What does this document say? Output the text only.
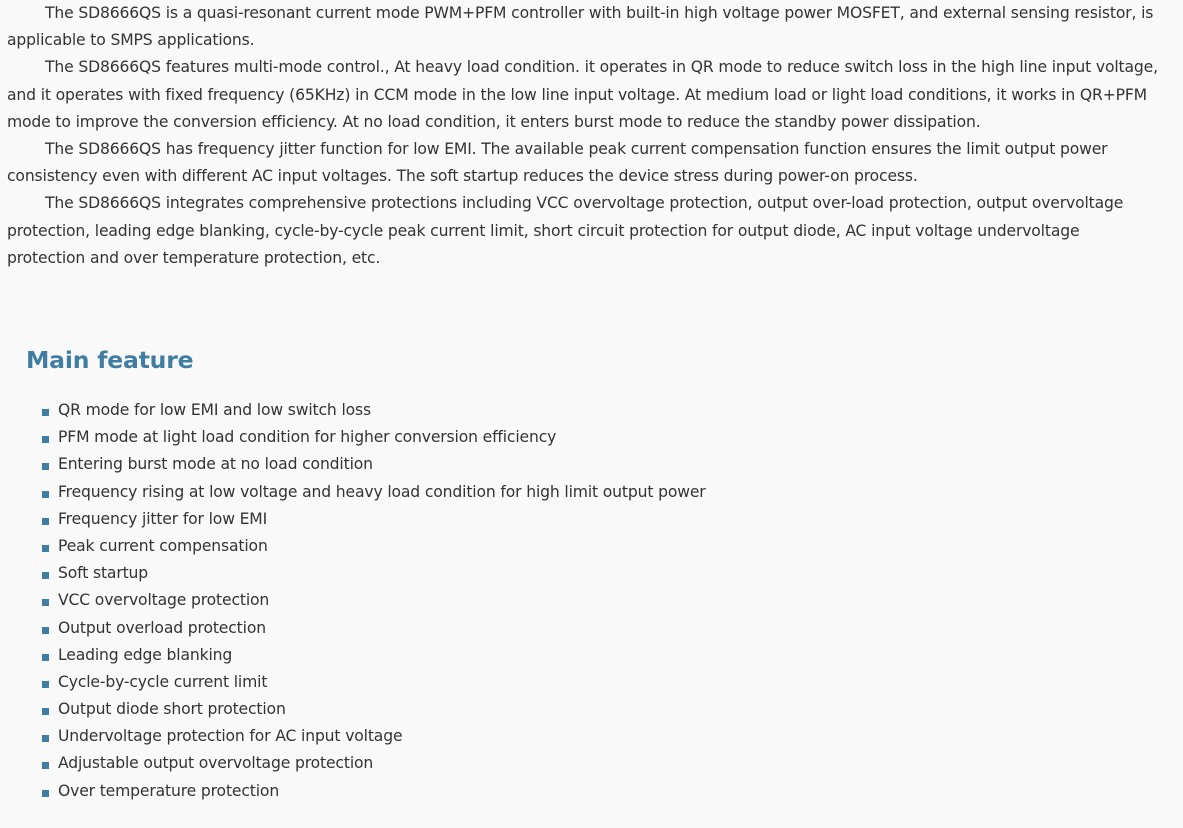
The SD8666QS is a quasi-resonant current mode PWM+PFM controller with built-in high voltage power MOSFET, and external sensing resistor, is
applicable to SMPS applications.

The SD8666QS features multi-mode control., At heavy load condition. it operates in QR mode to reduce switch loss in the high line input voltage,
and it operates with fixed frequency (65KHz) in CCM mode in the low line input voltage. At medium load or light load conditions, it works in QR+PFM
mode to improve the conversion efficiency. At no load condition, it enters burst mode to reduce the standby power dissipation.

The SD8666QS has frequency jitter function for low EMI. The available peak current compensation function ensures the limit output power
consistency even with different AC input voltages. The soft startup reduces the device stress during power-on process.

The SD8666QS integrates comprehensive protections including VCC overvoltage protection, output over-load protection, output overvoltage
protection, leading edge blanking, cycle-by-cycle peak current limit, short circuit protection for output diode, AC input voltage undervoltage
protection and over temperature protection, etc.

Main feature
QR mode for low EMI and low switch loss
PFM mode at light load condition for higher conversion efficiency
Entering burst mode at no load condition
Frequency rising at low voltage and heavy load condition for high limit output power
Frequency jitter for low EMI
Peak current compensation
Soft startup
VCC overvoltage protection
Output overload protection
Leading edge blanking
Cycle-by-cycle current limit
Output diode short protection
Undervoltage protection for AC input voltage
Adjustable output overvoltage protection
Over temperature protection
